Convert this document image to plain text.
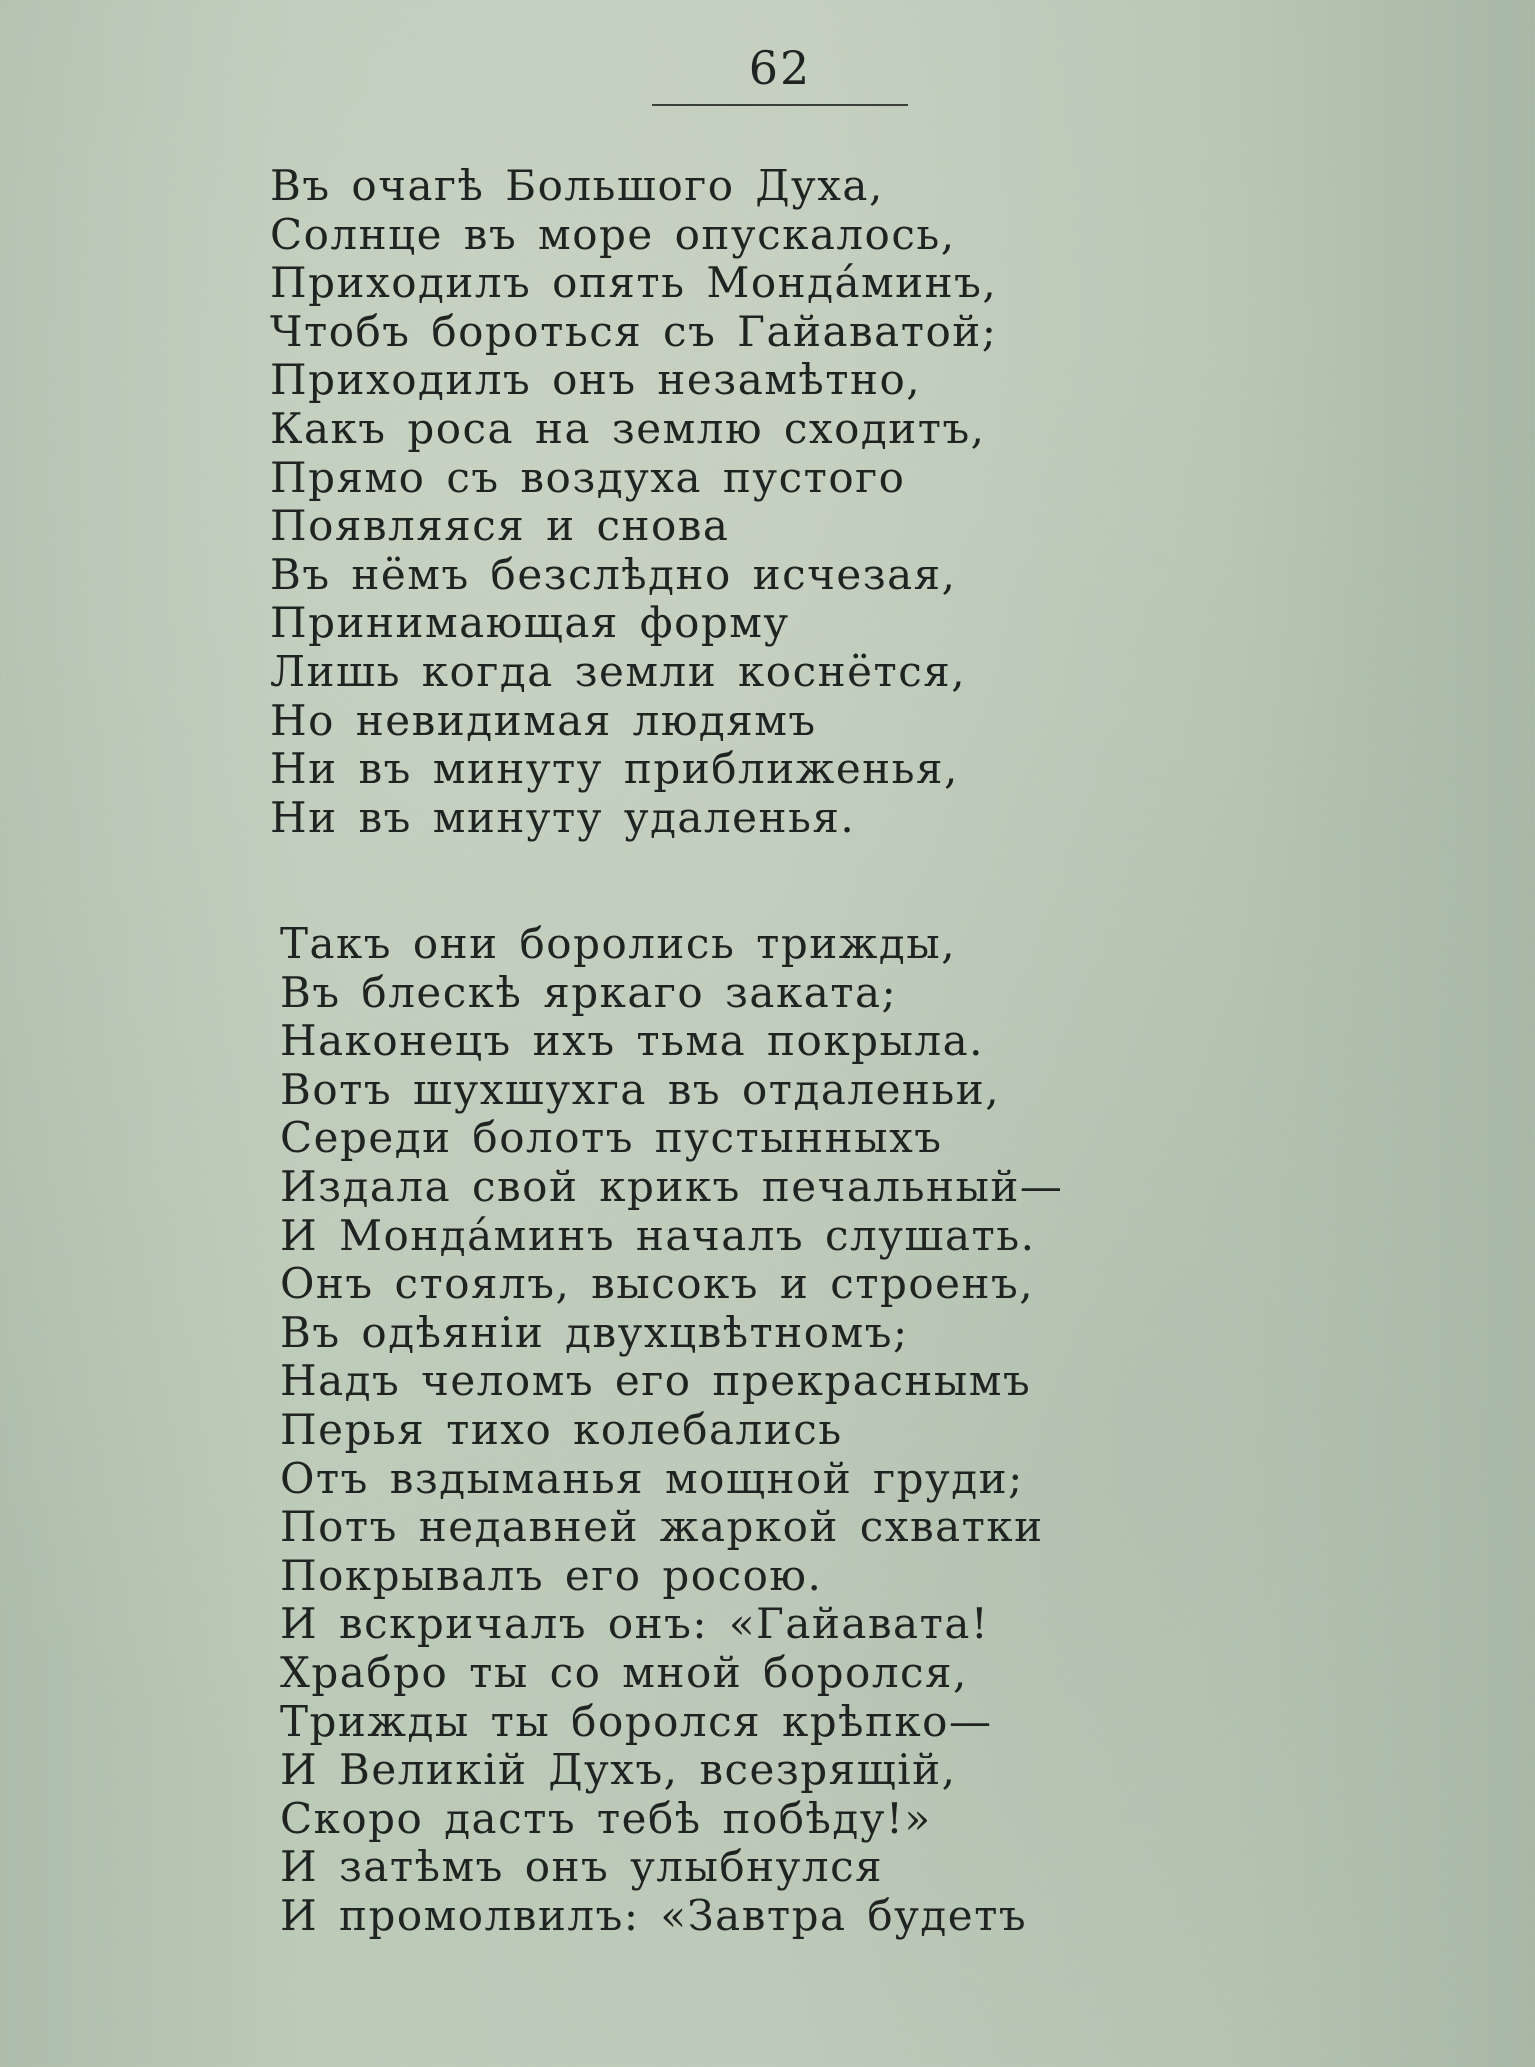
62
Въ очагѣ Большого Духа,
Солнце въ море опускалось,
Приходилъ опять Мондáминъ,
Чтобъ бороться съ Гайаватой;
Приходилъ онъ незамѣтно,
Какъ роса на землю сходитъ,
Прямо съ воздуха пустого
Появляяся и снова
Въ нёмъ безслѣдно исчезая,
Принимающая форму
Лишь когда земли коснётся,
Но невидимая людямъ
Ни въ минуту приближенья,
Ни въ минуту удаленья.
Такъ они боролись трижды,
Въ блескѣ яркаго заката;
Наконецъ ихъ тьма покрыла.
Вотъ шухшухга въ отдаленьи,
Середи болотъ пустынныхъ
Издала свой крикъ печальный—
И Мондáминъ началъ слушать.
Онъ стоялъ, высокъ и строенъ,
Въ одѣяніи двухцвѣтномъ;
Надъ челомъ его прекраснымъ
Перья тихо колебались
Отъ вздыманья мощной груди;
Потъ недавней жаркой схватки
Покрывалъ его росою.
И вскричалъ онъ: «Гайавата!
Храбро ты со мной боролся,
Трижды ты боролся крѣпко—
И Великій Духъ, всезрящій,
Скоро дастъ тебѣ побѣду!»
И затѣмъ онъ улыбнулся
И промолвилъ: «Завтра будетъ
